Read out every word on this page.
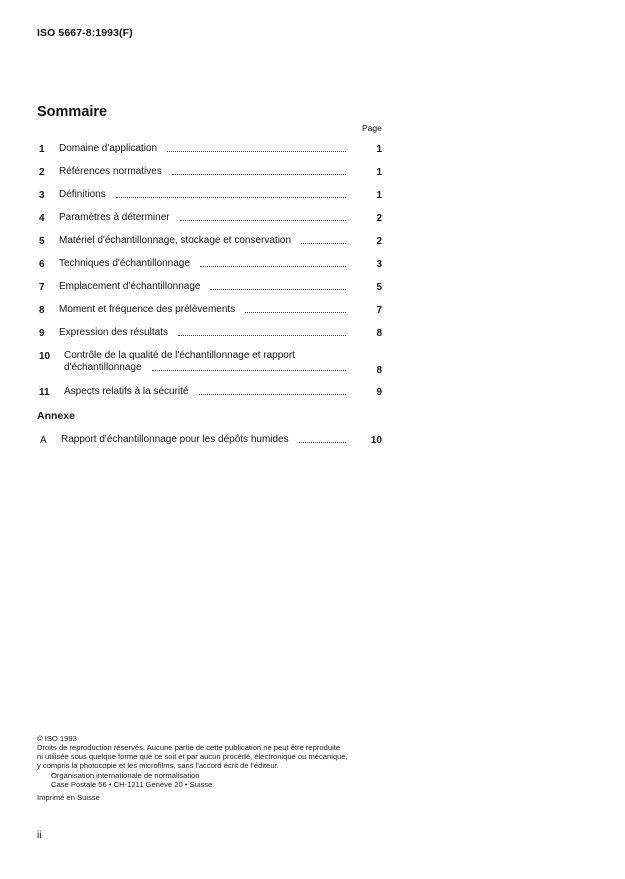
ISO 5667-8:1993(F)
Sommaire
Page
1 Domaine d'application	1
2 Références normatives	1
3 Définitions	1
4 Paramètres à déterminer	2
5 Matériel d'échantillonnage, stockage et conservation	2
6 Techniques d'échantillonnage	3
7 Emplacement d'échantillonnage	5
8 Moment et fréquence des prélèvements	7
9 Expression des résultats	8
10 Contrôle de la qualité de l'échantillonnage et rapport
d'échantillonnage	8
11 Aspects relatifs à la sécurité	9
Annexe
A Rapport d'échantillonnage pour les dépôts humides	10
© ISO 1993
Droits de reproduction réservés. Aucune partie de cette publication ne peut être reproduite
ni utilisée sous quelque forme que ce soit et par aucun procédé, électronique ou mécanique,
y compris la photocopie et les microfilms, sans l'accord écrit de l'éditeur.
Organisation internationale de normalisation
Case Postale 56 • CH-1211 Genève 20 • Suisse
Imprimé en Suisse
ii
